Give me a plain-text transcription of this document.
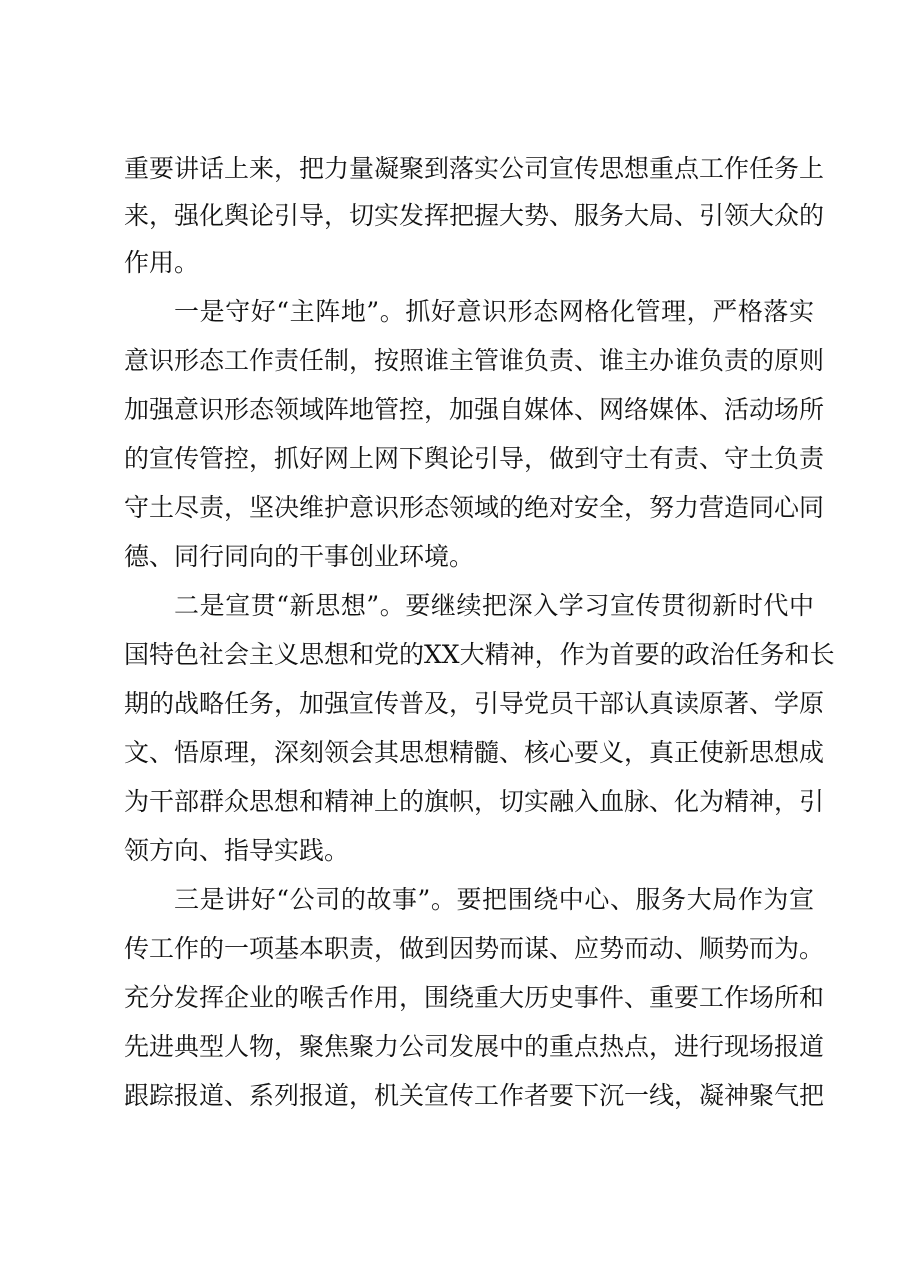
重要讲话上来，把力量凝聚到落实公司宣传思想重点工作任务上
来，强化舆论引导，切实发挥把握大势、服务大局、引领大众的
作用。
一是守好“主阵地”。抓好意识形态网格化管理，严格落实
意识形态工作责任制，按照谁主管谁负责、谁主办谁负责的原则
加强意识形态领域阵地管控，加强自媒体、网络媒体、活动场所
的宣传管控，抓好网上网下舆论引导，做到守土有责、守土负责
守土尽责，坚决维护意识形态领域的绝对安全，努力营造同心同
德、同行同向的干事创业环境。
二是宣贯“新思想”。要继续把深入学习宣传贯彻新时代中
国特色社会主义思想和党的XX大精神，作为首要的政治任务和长
期的战略任务，加强宣传普及，引导党员干部认真读原著、学原
文、悟原理，深刻领会其思想精髓、核心要义，真正使新思想成
为干部群众思想和精神上的旗帜，切实融入血脉、化为精神，引
领方向、指导实践。
三是讲好“公司的故事”。要把围绕中心、服务大局作为宣
传工作的一项基本职责，做到因势而谋、应势而动、顺势而为。
充分发挥企业的喉舌作用，围绕重大历史事件、重要工作场所和
先进典型人物，聚焦聚力公司发展中的重点热点，进行现场报道
跟踪报道、系列报道，机关宣传工作者要下沉一线，凝神聚气把
